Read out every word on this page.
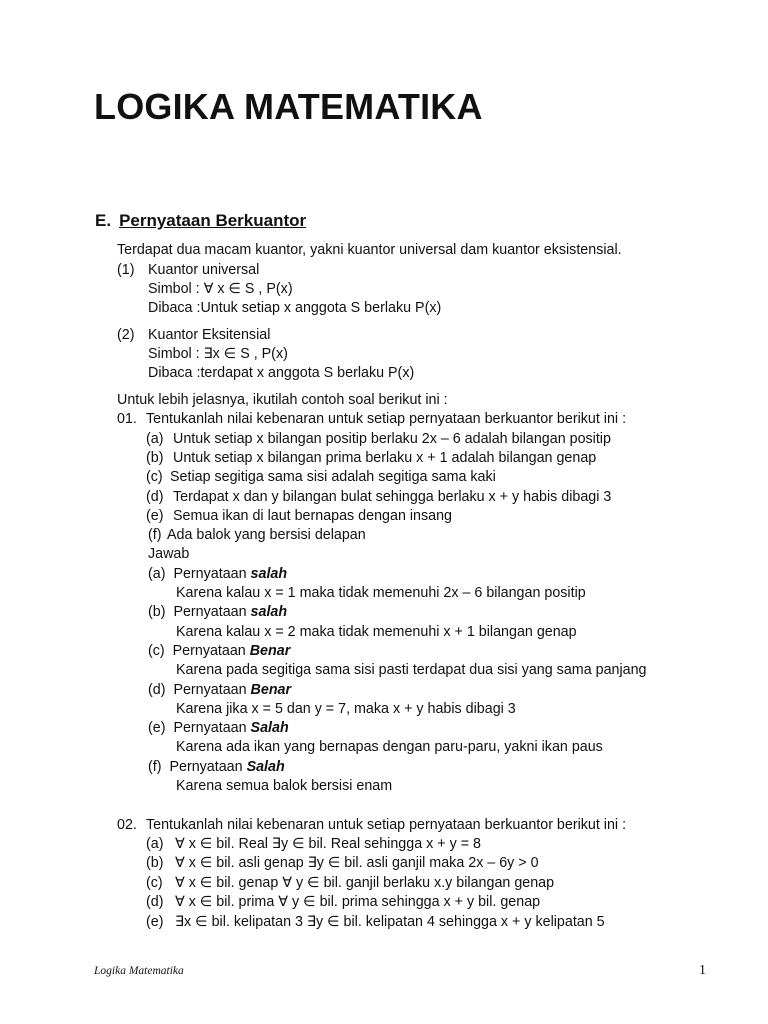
LOGIKA MATEMATIKA
E. Pernyataan Berkuantor
Terdapat dua macam kuantor, yakni kuantor universal dam kuantor eksistensial.
(1) Kuantor universal
Simbol : ∀ x ∈ S , P(x)
Dibaca :Untuk setiap x anggota S berlaku P(x)
(2) Kuantor Eksitensial
Simbol : ∃x ∈ S , P(x)
Dibaca :terdapat x anggota S berlaku P(x)
Untuk lebih jelasnya, ikutilah contoh soal berikut ini :
01. Tentukanlah nilai kebenaran untuk setiap pernyataan berkuantor berikut ini :
(a) Untuk setiap x bilangan positip berlaku 2x – 6 adalah bilangan positip
(b) Untuk setiap x bilangan prima berlaku x + 1 adalah bilangan genap
(c) Setiap segitiga sama sisi adalah segitiga sama kaki
(d) Terdapat x dan y bilangan bulat sehingga berlaku x + y habis dibagi 3
(e) Semua ikan di laut bernapas dengan insang
(f) Ada balok yang bersisi delapan
Jawab
(a) Pernyataan salah
Karena kalau x = 1 maka tidak memenuhi 2x – 6 bilangan positip
(b) Pernyataan salah
Karena kalau x = 2 maka tidak memenuhi x + 1 bilangan genap
(c) Pernyataan Benar
Karena pada segitiga sama sisi pasti terdapat dua sisi yang sama panjang
(d) Pernyataan Benar
Karena jika x = 5 dan y = 7, maka x + y habis dibagi 3
(e) Pernyataan Salah
Karena ada ikan yang bernapas dengan paru-paru, yakni ikan paus
(f) Pernyataan Salah
Karena semua balok bersisi enam
02. Tentukanlah nilai kebenaran untuk setiap pernyataan berkuantor berikut ini :
(a) ∀ x ∈ bil. Real ∃y ∈ bil. Real sehingga x + y = 8
(b) ∀ x ∈ bil. asli genap ∃y ∈ bil. asli ganjil maka 2x – 6y > 0
(c) ∀ x ∈ bil. genap ∀ y ∈ bil. ganjil berlaku x.y bilangan genap
(d) ∀ x ∈ bil. prima ∀ y ∈ bil. prima sehingga x + y bil. genap
(e) ∃x ∈ bil. kelipatan 3 ∃y ∈ bil. kelipatan 4 sehingga x + y kelipatan 5
Logika Matematika	1
